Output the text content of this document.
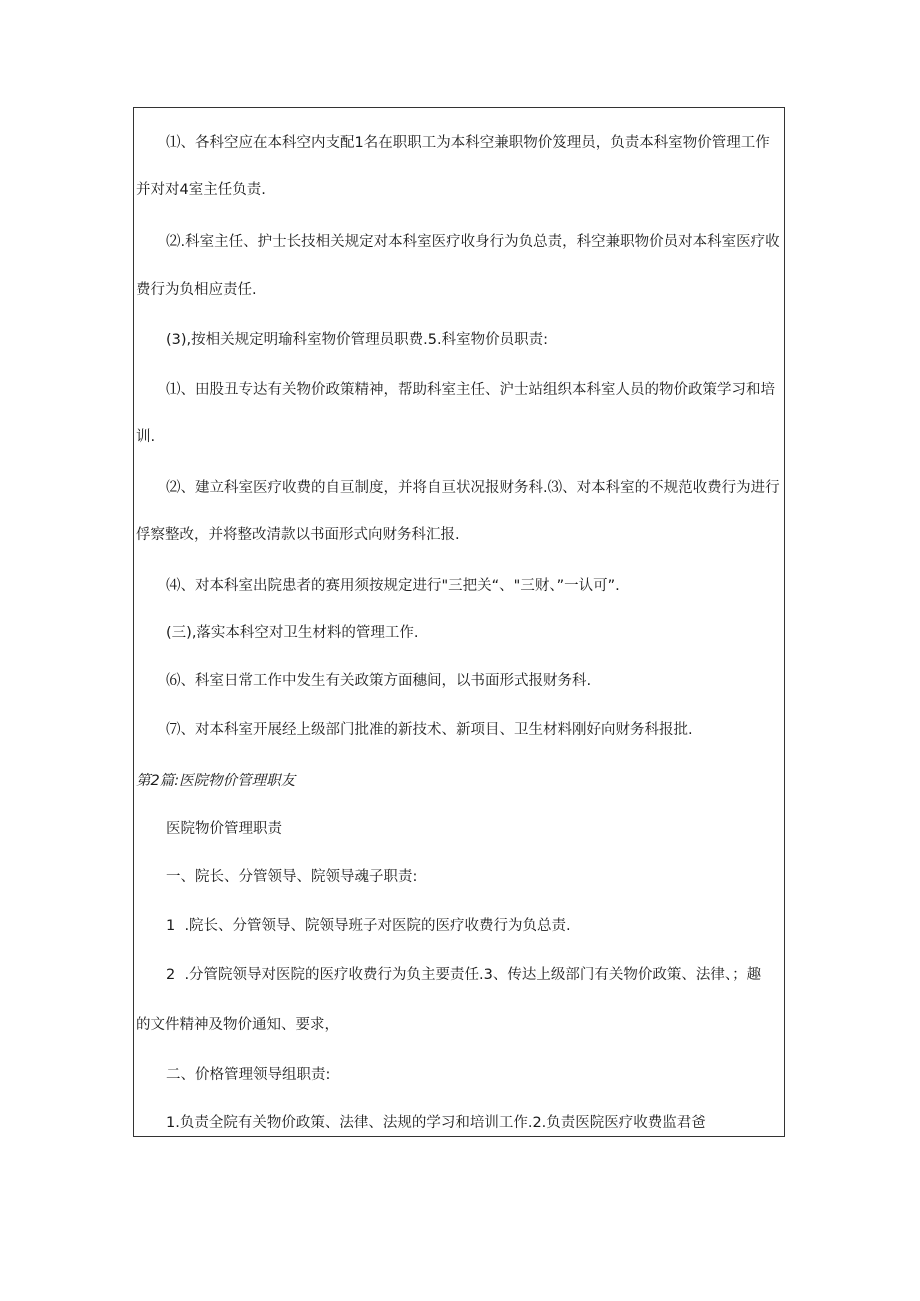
⑴、各科空应在本科空内支配1名在职职工为本科空兼职物价笈理员，负责本科室物价管理工作
并对对4室主任负责.
⑵.科室主任、护士长技相关规定对本科室医疗收身行为负总责，科空兼职物价员对本科室医疗收
费行为负相应责任.
(3),按相关规定明瑜科室物价管理员职费.5.科室物价员职责:
⑴、田股丑专达有关物价政策精神，帮助科室主任、沪士站组织本科室人员的物价政策学习和培
训.
⑵、建立科室医疗收费的自亘制度，并将自亘状况报财务科.⑶、对本科室的不规范收费行为进行
俘察整改，并将整改清款以书面形式向财务科汇报.
⑷、对本科室出院患者的赛用须按规定进行"三把关“、"三财、”一认可”.
(三),落实本科空对卫生材料的管理工作.
⑹、科室日常工作中发生有关政策方面穗间，以书面形式报财务科.
⑺、对本科室开展经上级部门批准的新技术、新项目、卫生材料刚好向财务科报批.
第2篇:医院物价管理职友
医院物价管理职责
一、院长、分管领导、院领导魂子职责:
1  .院长、分管领导、院领导班子对医院的医疗收费行为负总责.
2  .分管院领导对医院的医疗收费行为负主要责任.3、传达上级部门有关物价政策、法律、；趣
的文件精神及物价通知、要求，
二、价格管理领导组职责:
1.负责全院有关物价政策、法律、法规的学习和培训工作.2.负责医院医疗收费监君爸
